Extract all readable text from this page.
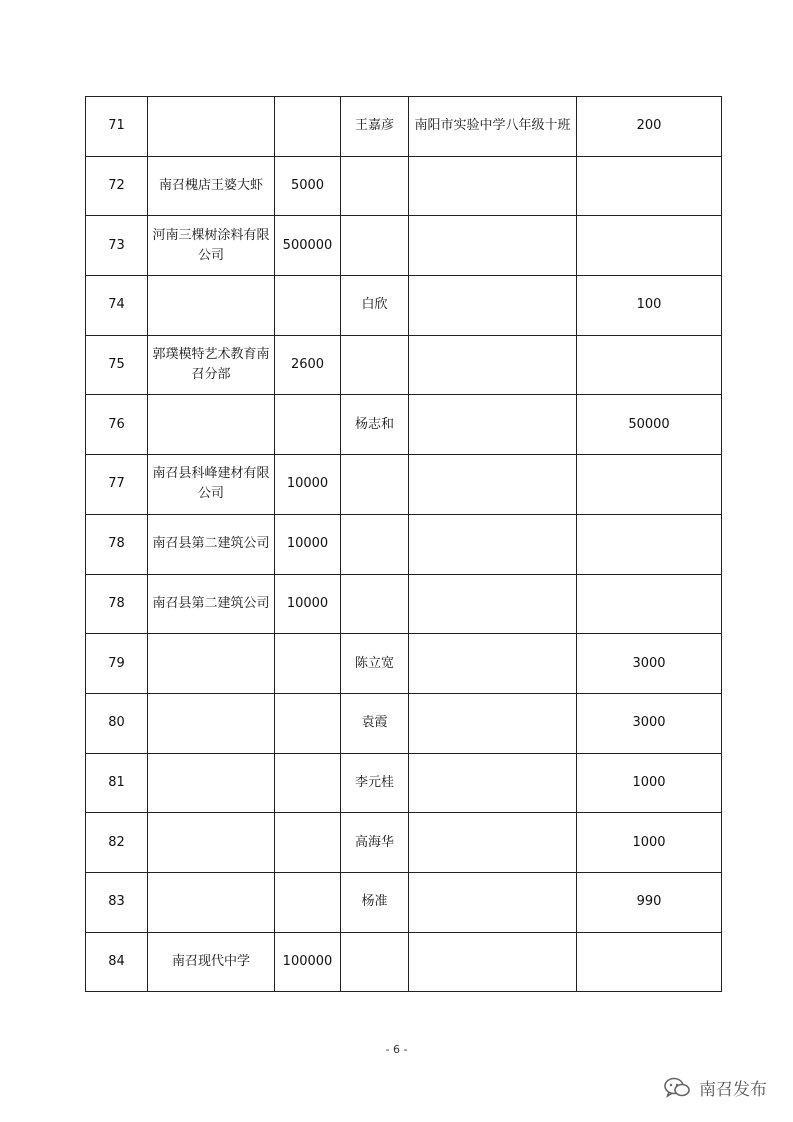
71			王嘉彦	南阳市实验中学八年级十班	200
72	南召槐店王婆大虾	5000			
73	河南三棵树涂料有限公司	500000			
74			白欣		100
75	郭璞模特艺术教育南召分部	2600			
76			杨志和		50000
77	南召县科峰建材有限公司	10000			
78	南召县第二建筑公司	10000			
78	南召县第二建筑公司	10000			
79			陈立宽		3000
80			袁霞		3000
81			李元桂		1000
82			高海华		1000
83			杨准		990
84	南召现代中学	100000			
- 6 -
南召发布
